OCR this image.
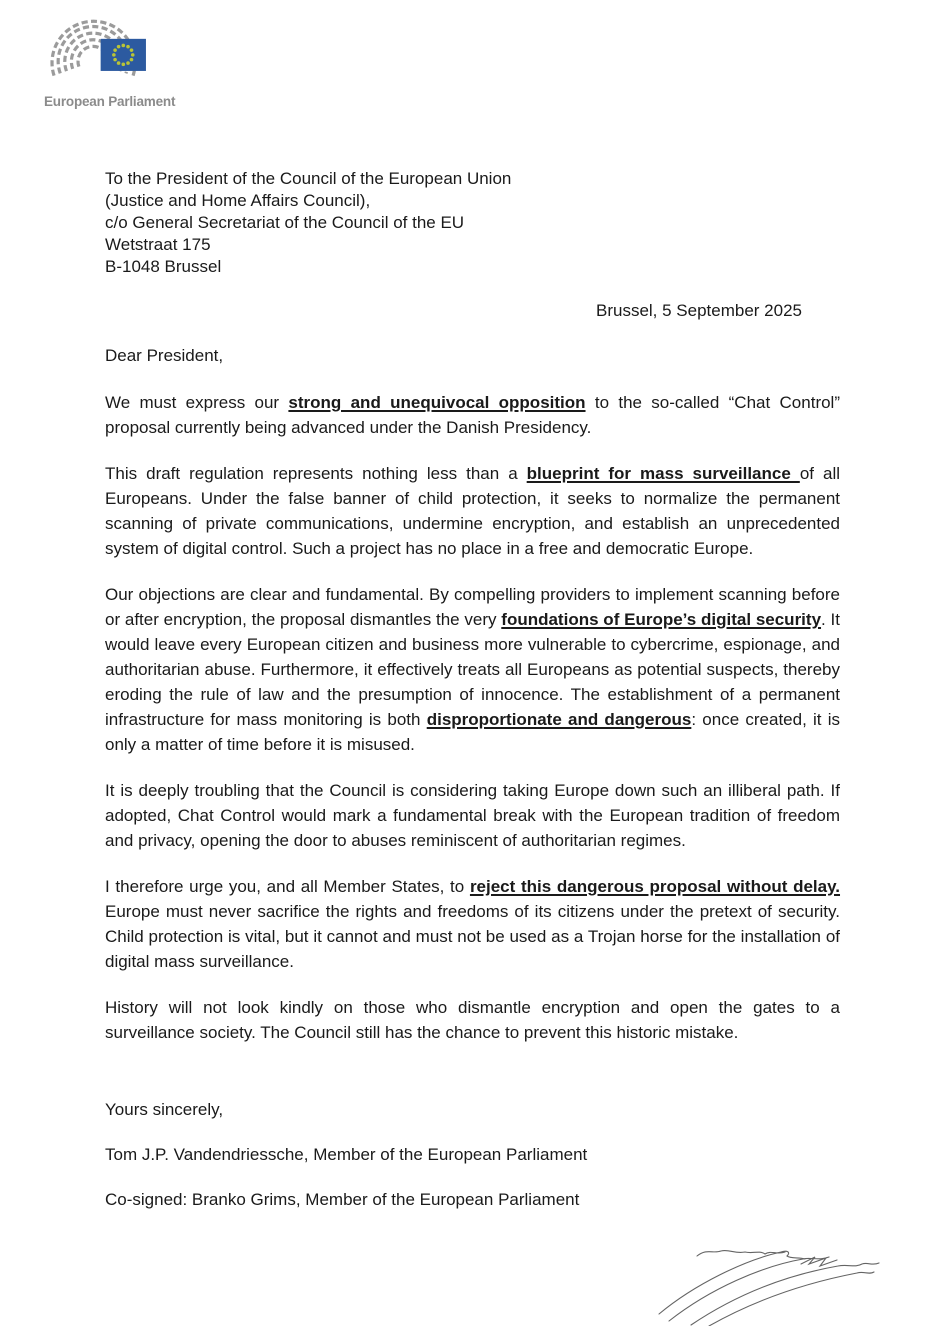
European Parliament
To the President of the Council of the European Union
(Justice and Home Affairs Council),
c/o General Secretariat of the Council of the EU
Wetstraat 175
B-1048 Brussel
Brussel, 5 September 2025
Dear President,

We must express our strong and unequivocal opposition to the so-called “Chat Control” proposal currently being advanced under the Danish Presidency.

This draft regulation represents nothing less than a blueprint for mass surveillance of all Europeans. Under the false banner of child protection, it seeks to normalize the permanent scanning of private communications, undermine encryption, and establish an unprecedented system of digital control. Such a project has no place in a free and democratic Europe.

Our objections are clear and fundamental. By compelling providers to implement scanning before or after encryption, the proposal dismantles the very foundations of Europe’s digital security. It would leave every European citizen and business more vulnerable to cybercrime, espionage, and authoritarian abuse. Furthermore, it effectively treats all Europeans as potential suspects, thereby eroding the rule of law and the presumption of innocence. The establishment of a permanent infrastructure for mass monitoring is both disproportionate and dangerous: once created, it is only a matter of time before it is misused.

It is deeply troubling that the Council is considering taking Europe down such an illiberal path. If adopted, Chat Control would mark a fundamental break with the European tradition of freedom and privacy, opening the door to abuses reminiscent of authoritarian regimes.

I therefore urge you, and all Member States, to reject this dangerous proposal without delay. Europe must never sacrifice the rights and freedoms of its citizens under the pretext of security. Child protection is vital, but it cannot and must not be used as a Trojan horse for the installation of digital mass surveillance.

History will not look kindly on those who dismantle encryption and open the gates to a surveillance society. The Council still has the chance to prevent this historic mistake.

Yours sincerely,

Tom J.P. Vandendriessche, Member of the European Parliament

Co-signed: Branko Grims, Member of the European Parliament
